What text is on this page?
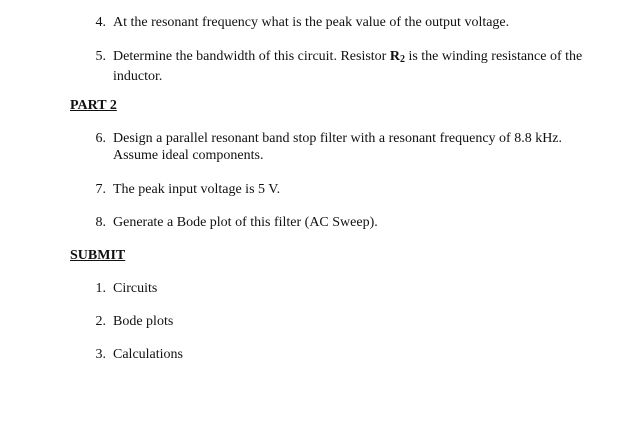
4. At the resonant frequency what is the peak value of the output voltage.
5. Determine the bandwidth of this circuit. Resistor $R_2$ is the winding resistance of the inductor.
PART 2
6. Design a parallel resonant band stop filter with a resonant frequency of 8.8 kHz. Assume ideal components.
7. The peak input voltage is 5 V.
8. Generate a Bode plot of this filter (AC Sweep).
SUBMIT
1. Circuits
2. Bode plots
3. Calculations
